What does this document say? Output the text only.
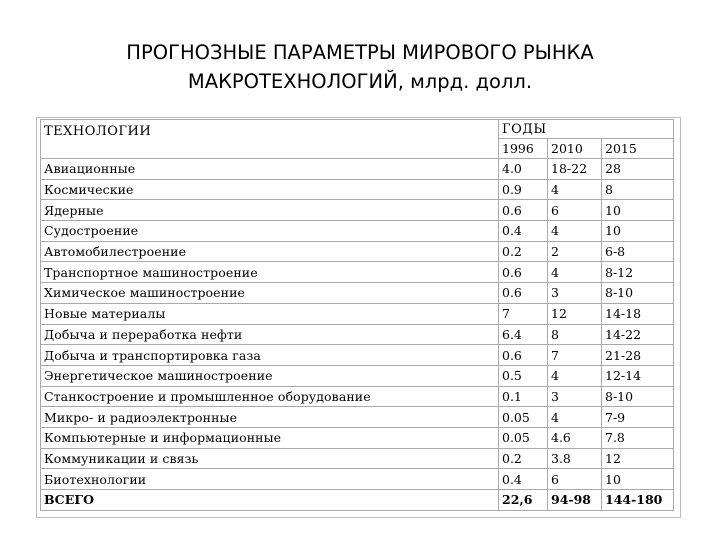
ПРОГНОЗНЫЕ ПАРАМЕТРЫ МИРОВОГО РЫНКА
МАКРОТЕХНОЛОГИЙ, млрд. долл.
ТЕХНОЛОГИИ	ГОДЫ		
	1996	2010	2015
Авиационные	4.0	18-22	28
Космические	0.9	4	8
Ядерные	0.6	6	10
Судостроение	0.4	4	10
Автомобилестроение	0.2	2	6-8
Транспортное машиностроение	0.6	4	8-12
Химическое машиностроение	0.6	3	8-10
Новые материалы	7	12	14-18
Добыча и переработка нефти	6.4	8	14-22
Добыча и транспортировка газа	0.6	7	21-28
Энергетическое машиностроение	0.5	4	12-14
Станкостроение и промышленное оборудование	0.1	3	8-10
Микро- и радиоэлектронные	0.05	4	7-9
Компьютерные и информационные	0.05	4.6	7.8
Коммуникации и связь	0.2	3.8	12
Биотехнологии	0.4	6	10
ВСЕГО	22,6	94-98	144-180
